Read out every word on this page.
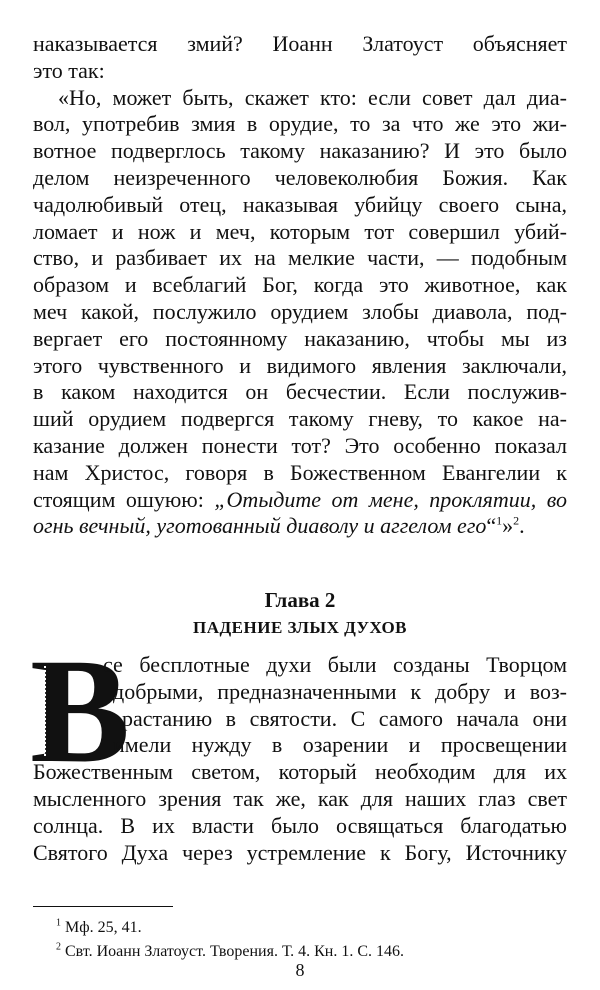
наказывается змий? Иоанн Златоуст объясняет
это так:
«Но, может быть, скажет кто: если совет дал диа-
вол, употребив змия в орудие, то за что же это жи-
вотное подверглось такому наказанию? И это было
делом неизреченного человеколюбия Божия. Как
чадолюбивый отец, наказывая убийцу своего сына,
ломает и нож и меч, которым тот совершил убий-
ство, и разбивает их на мелкие части, — подобным
образом и всеблагий Бог, когда это животное, как
меч какой, послужило орудием злобы диавола, под-
вергает его постоянному наказанию, чтобы мы из
этого чувственного и видимого явления заключали,
в каком находится он бесчестии. Если послужив-
ший орудием подвергся такому гневу, то какое на-
казание должен понести тот? Это особенно показал
нам Христос, говоря в Божественном Евангелии к
стоящим ошуюю: „Отыдите от мене, проклятии, во
огнь вечный, уготованный диаволу и аггелом его“$^1$»$^2$.
Глава 2
ПАДЕНИЕ ЗЛЫХ ДУХОВ
В
се бесплотные духи были созданы Творцом
добрыми, предназначенными к добру и воз-
растанию в святости. С самого начала они
имели нужду в озарении и просвещении
Божественным светом, который необходим для их
мысленного зрения так же, как для наших глаз свет
солнца. В их власти было освящаться благодатью
Святого Духа через устремление к Богу, Источнику
$^1$ Мф. 25, 41.
$^2$ Свт. Иоанн Златоуст. Творения. Т. 4. Кн. 1. С. 146.
8
